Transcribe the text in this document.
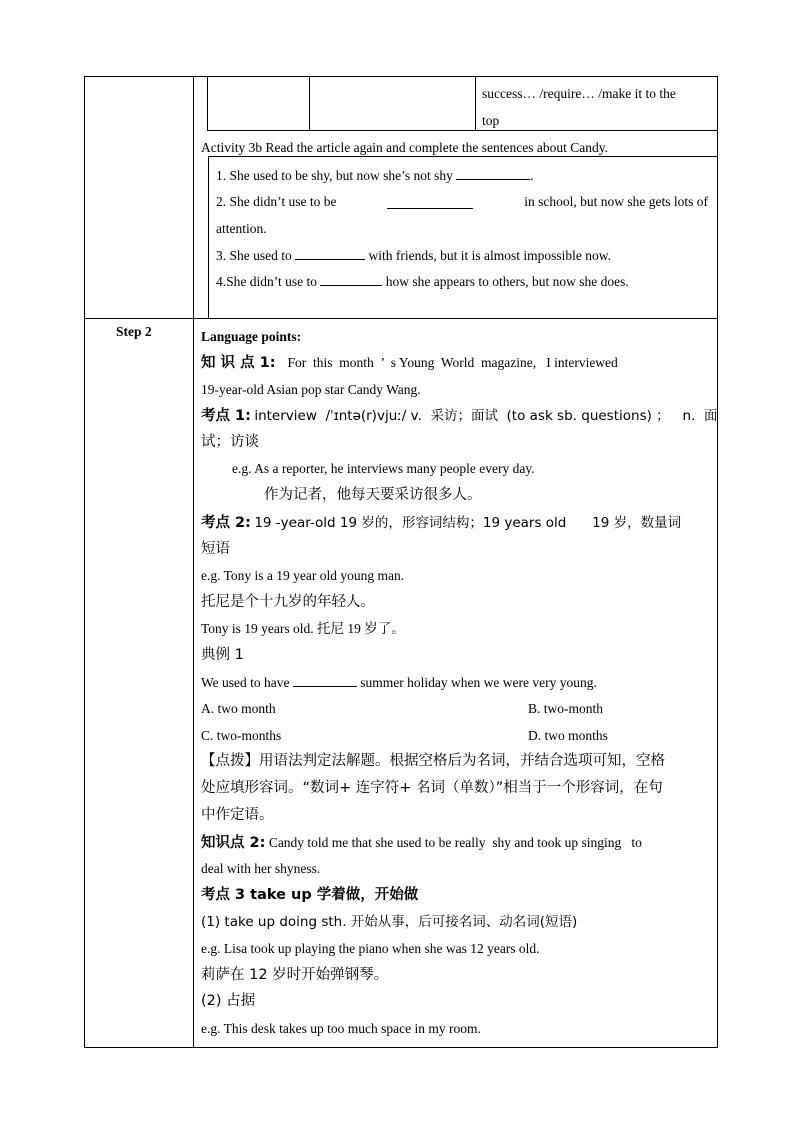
success… /require… /make it to the
top
Activity 3b Read the article again and complete the sentences about Candy.
1. She used to be shy, but now she’s not shy	.
2. She didn’t use to be	in school, but now she gets lots of
attention.
3. She used to	with friends, but it is almost impossible now.
4.She didn’t use to	how she appears to others, but now she does.
Step 2	Language points:
知 识 点 1: For  this  month  ’  s Young  World  magazine,   I interviewed
19-year-old Asian pop star Candy Wang.
考点 1: interview  /ˈɪntə(r)vjuː/ v.  采访；面试  (to ask sb. questions) ；   n.  面
试；访谈
e.g. As a reporter, he interviews many people every day.
作为记者，他每天要采访很多人。
考点 2: 19 -year-old 19 岁的，形容词结构；19 years old      19 岁，数量词
短语
e.g. Tony is a 19 year old young man.
托尼是个十九岁的年轻人。
Tony is 19 years old. 托尼 19 岁了。
典例 1
We used to have	summer holiday when we were very young.
A. two month	B. two-month
C. two-months	D. two months
【点拨】用语法判定法解题。根据空格后为名词，并结合选项可知，空格
处应填形容词。“数词+ 连字符+ 名词（单数）”相当于一个形容词，在句
中作定语。
知识点 2: Candy told me that she used to be really  shy and took up singing   to
deal with her shyness.
考点 3 take up 学着做，开始做
(1) take up doing sth. 开始从事，后可接名词、动名词(短语)
e.g. Lisa took up playing the piano when she was 12 years old.
莉萨在 12 岁时开始弹钢琴。
(2) 占据
e.g. This desk takes up too much space in my room.
